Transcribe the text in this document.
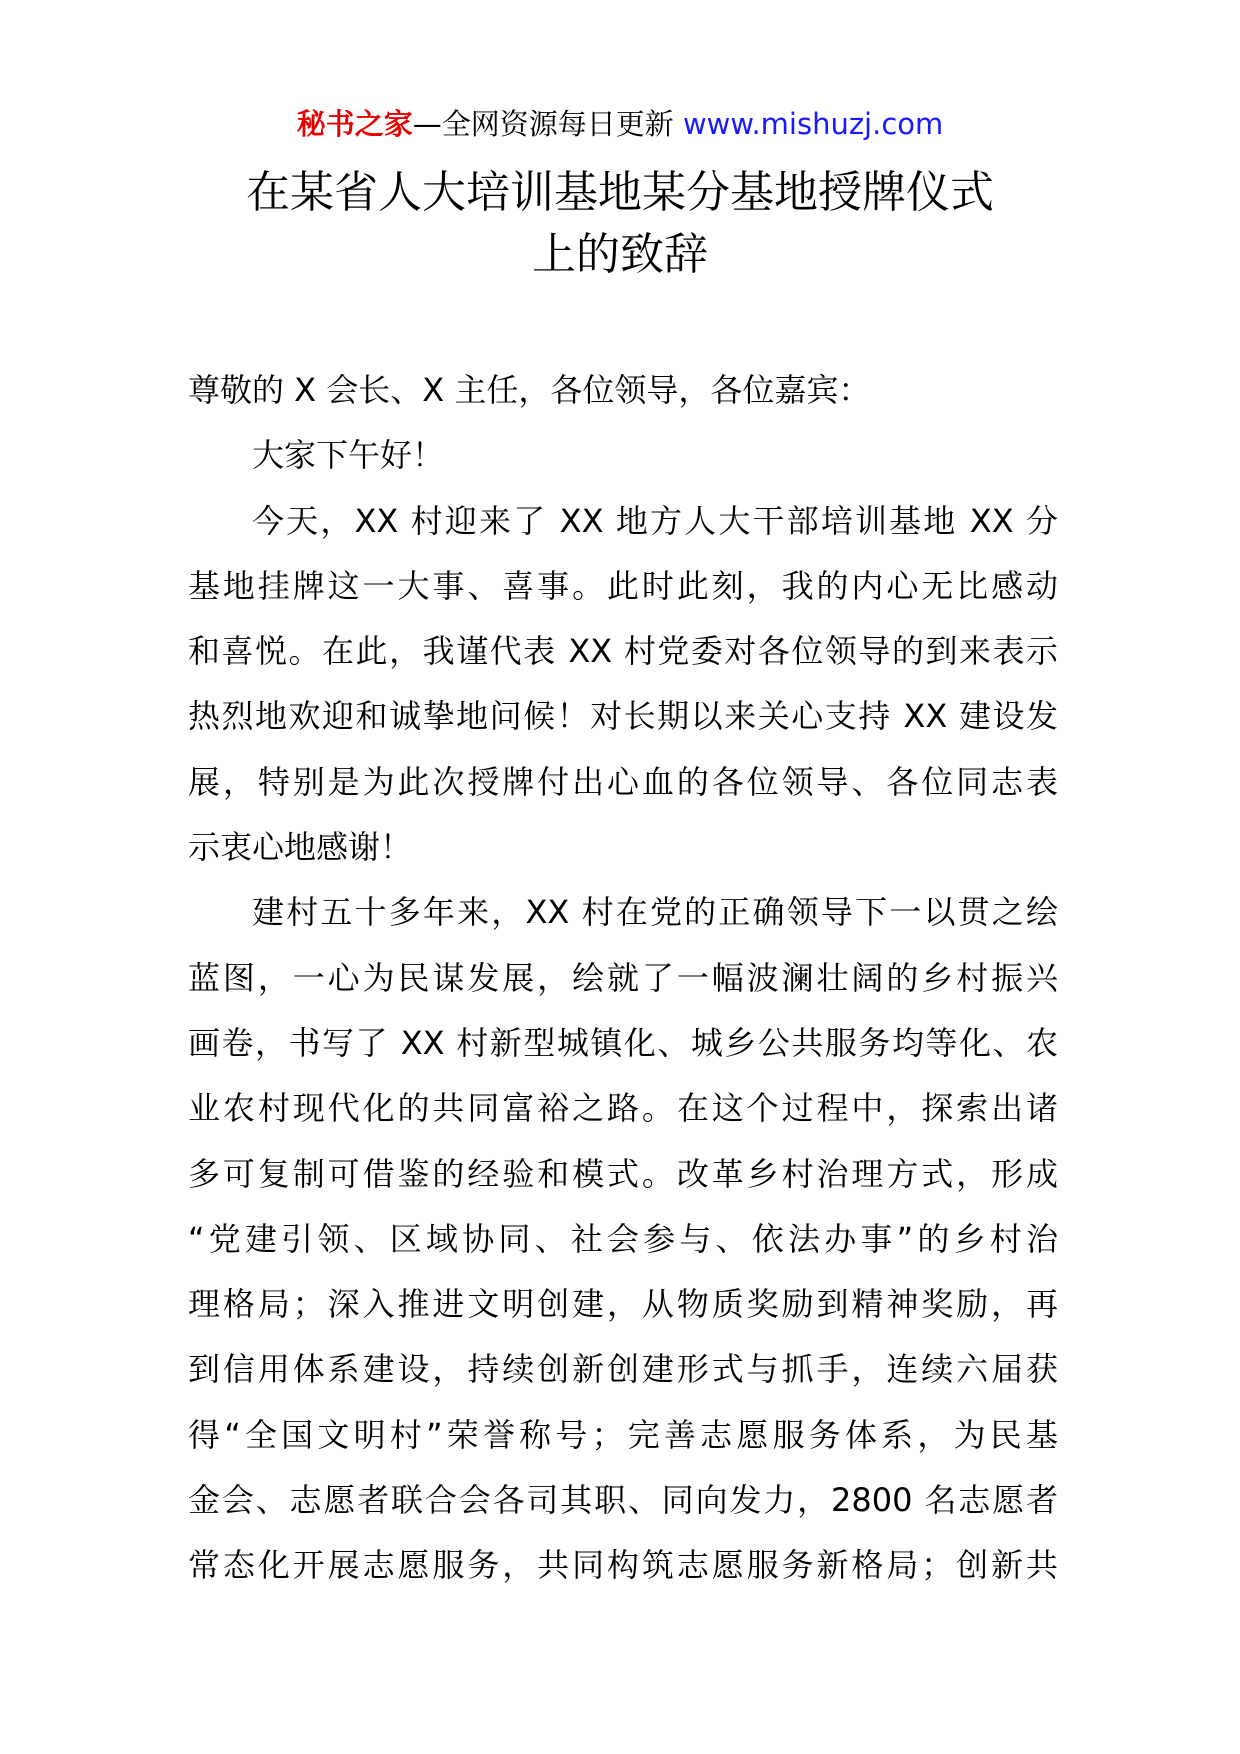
秘书之家—全网资源每日更新 www.mishuzj.com
在某省人大培训基地某分基地授牌仪式
上的致辞
尊敬的 X 会长、X 主任，各位领导，各位嘉宾：
大家下午好！
今天，XX 村迎来了 XX 地方人大干部培训基地 XX 分
基地挂牌这一大事、喜事。此时此刻，我的内心无比感动
和喜悦。在此，我谨代表 XX 村党委对各位领导的到来表示
热烈地欢迎和诚挚地问候！对长期以来关心支持 XX 建设发
展，特别是为此次授牌付出心血的各位领导、各位同志表
示衷心地感谢！
建村五十多年来，XX 村在党的正确领导下一以贯之绘
蓝图，一心为民谋发展，绘就了一幅波澜壮阔的乡村振兴
画卷，书写了 XX 村新型城镇化、城乡公共服务均等化、农
业农村现代化的共同富裕之路。在这个过程中，探索出诸
多可复制可借鉴的经验和模式。改革乡村治理方式，形成
“党建引领、区域协同、社会参与、依法办事”的乡村治
理格局；深入推进文明创建，从物质奖励到精神奖励，再
到信用体系建设，持续创新创建形式与抓手，连续六届获
得“全国文明村”荣誉称号；完善志愿服务体系，为民基
金会、志愿者联合会各司其职、同向发力，2800 名志愿者
常态化开展志愿服务，共同构筑志愿服务新格局；创新共
